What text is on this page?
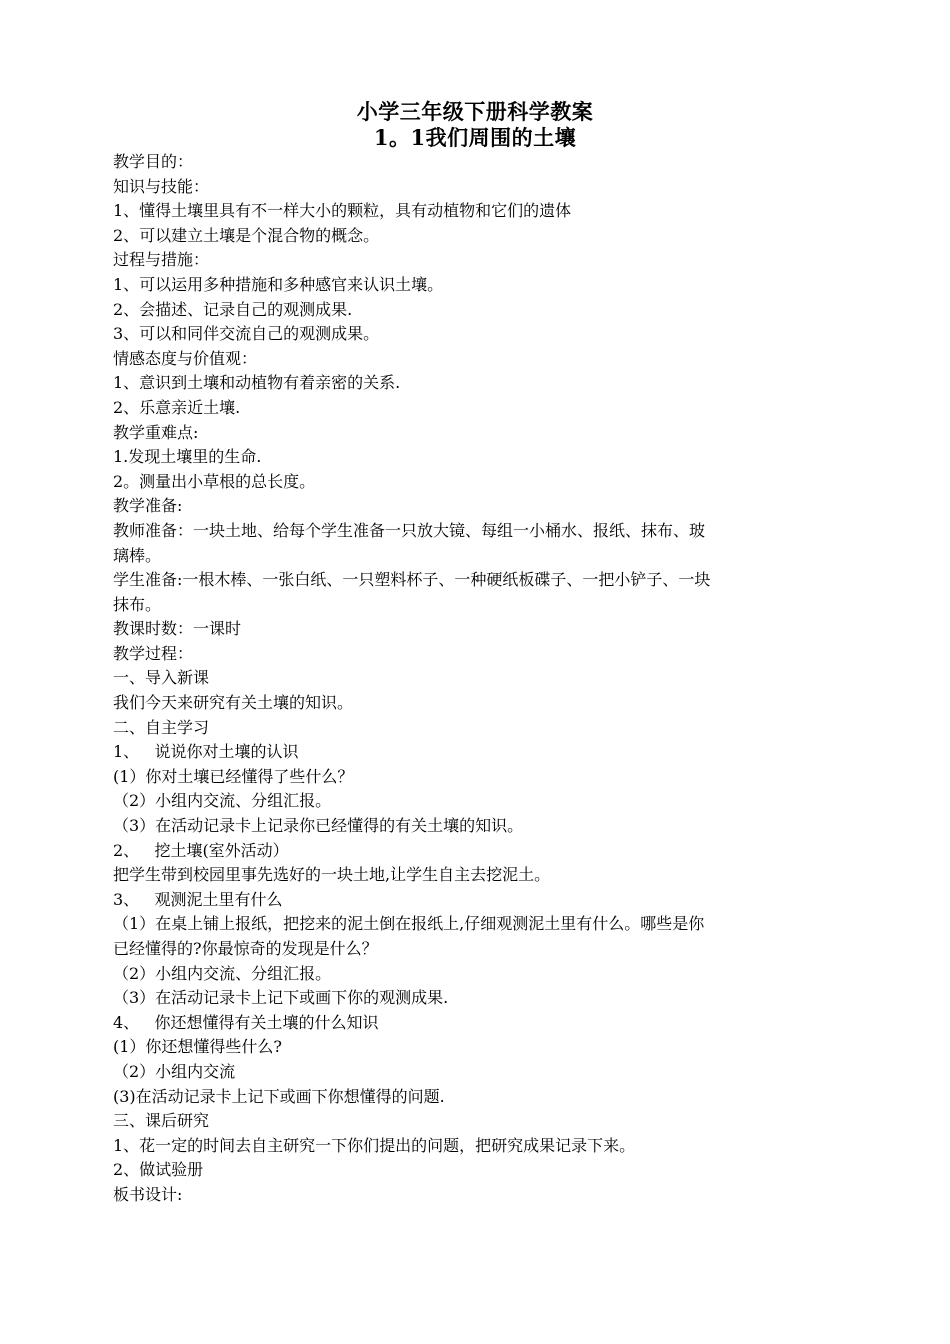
小学三年级下册科学教案
1。1我们周围的土壤
教学目的：
知识与技能：
1、懂得土壤里具有不一样大小的颗粒，具有动植物和它们的遗体
2、可以建立土壤是个混合物的概念。
过程与措施：
1、可以运用多种措施和多种感官来认识土壤。
2、会描述、记录自己的观测成果.
3、可以和同伴交流自己的观测成果。
情感态度与价值观：
1、意识到土壤和动植物有着亲密的关系.
2、乐意亲近土壤.
教学重难点:
1.发现土壤里的生命.
2。测量出小草根的总长度。
教学准备:
教师准备：一块土地、给每个学生准备一只放大镜、每组一小桶水、报纸、抹布、玻
璃棒。
学生准备:一根木棒、一张白纸、一只塑料杯子、一种硬纸板碟子、一把小铲子、一块
抹布。
教课时数：一课时
教学过程：
一、导入新课
我们今天来研究有关土壤的知识。
二、自主学习
1、   说说你对土壤的认识
(1）你对土壤已经懂得了些什么？
（2）小组内交流、分组汇报。
（3）在活动记录卡上记录你已经懂得的有关土壤的知识。
2、   挖土壤(室外活动）
把学生带到校园里事先选好的一块土地,让学生自主去挖泥土。
3、   观测泥土里有什么
（1）在桌上铺上报纸，把挖来的泥土倒在报纸上,仔细观测泥土里有什么。哪些是你
已经懂得的?你最惊奇的发现是什么？
（2）小组内交流、分组汇报。
（3）在活动记录卡上记下或画下你的观测成果.
4、   你还想懂得有关土壤的什么知识
(1）你还想懂得些什么?
（2）小组内交流
(3)在活动记录卡上记下或画下你想懂得的问题.
三、课后研究
1、花一定的时间去自主研究一下你们提出的问题，把研究成果记录下来。
2、做试验册
板书设计:
